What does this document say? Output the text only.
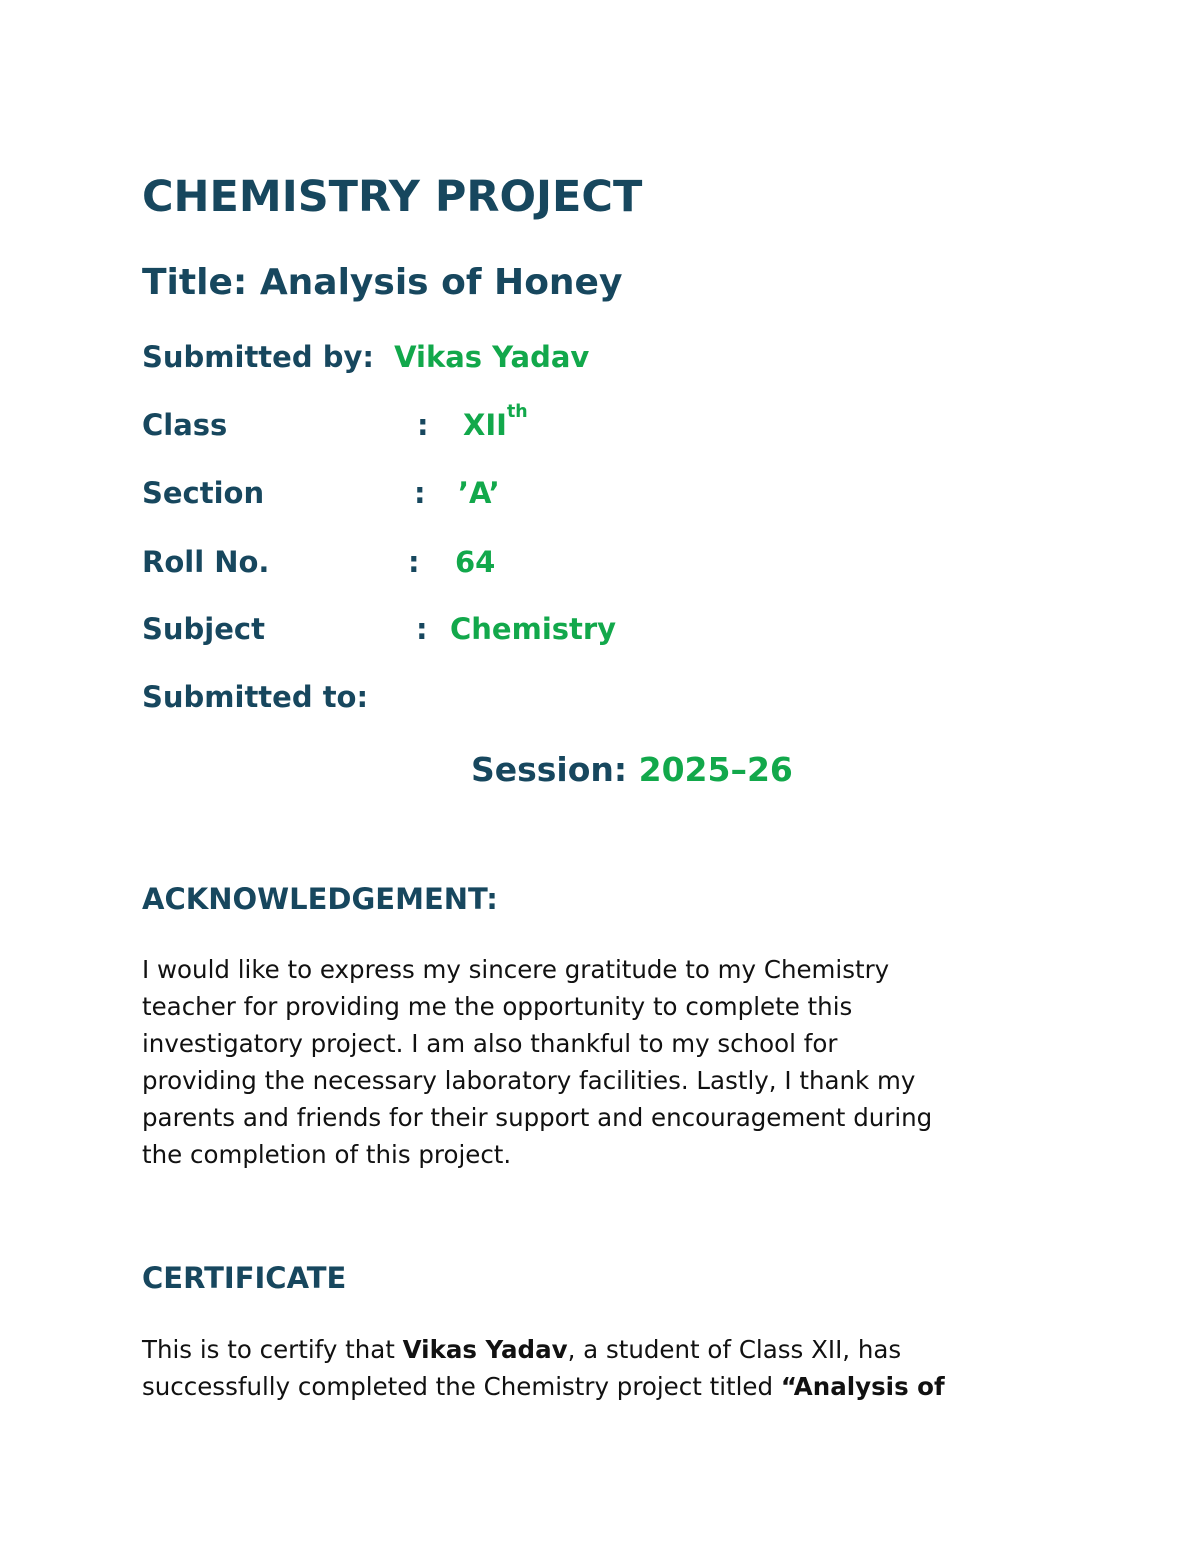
CHEMISTRY PROJECT
Title: Analysis of Honey
Submitted by: Vikas Yadav
Class	: XIIth
Section	: ’A’
Roll No.	: 64
Subject	: Chemistry
Submitted to:
Session: 2025–26
ACKNOWLEDGEMENT:
I would like to express my sincere gratitude to my Chemistry
teacher for providing me the opportunity to complete this
investigatory project. I am also thankful to my school for
providing the necessary laboratory facilities. Lastly, I thank my
parents and friends for their support and encouragement during
the completion of this project.
CERTIFICATE
This is to certify that Vikas Yadav, a student of Class XII, has
successfully completed the Chemistry project titled “Analysis of
